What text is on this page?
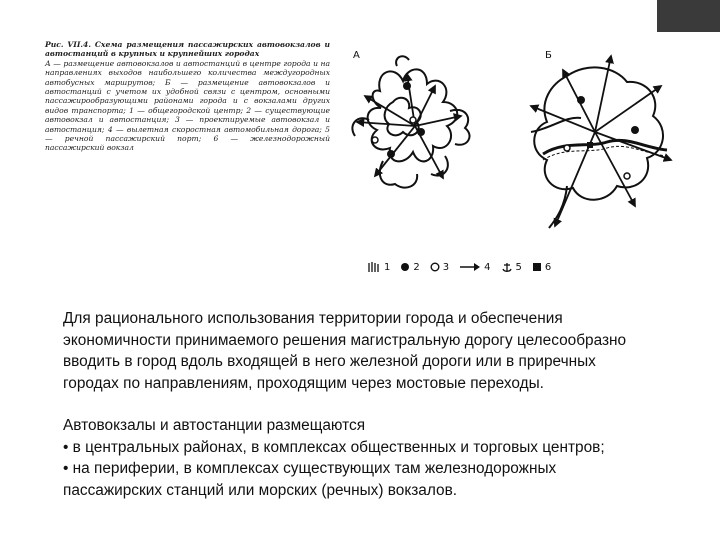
Рис. VII.4. Схема размещения пассажирских автовокзалов и автостанций в крупных и крупнейших городах
А — размещение автовокзалов и автостанций в центре города и на направлениях выходов наибольшего количества междугородных автобусных маршрутов; Б — размещение автовокзалов и автостанций с учетом их удобной связи с центром, основными пассажирообразующими районами города и с вокзалами других видов транспорта; 1 — общегородской центр; 2 — существующие автовокзал и автостанция; 3 — проектируемые автовокзал и автостанция; 4 — вылетная скоростная автомобильная дорога; 5 — речной пассажирский порт; 6 — железнодорожный пассажирский вокзал
А	Б
1 2 3	4	5 6

Для рационального использования территории города и обеспечения

экономичности принимаемого решения магистральную дорогу целесообразно

вводить в город вдоль входящей в него железной дороги или в приречных

городах по направлениям, проходящим через мостовые переходы.

Автовокзалы и автостанции размещаются

• в центральных районах, в комплексах общественных и торговых центров;

• на периферии, в комплексах существующих там железнодорожных

пассажирских станций или морских (речных) вокзалов.
